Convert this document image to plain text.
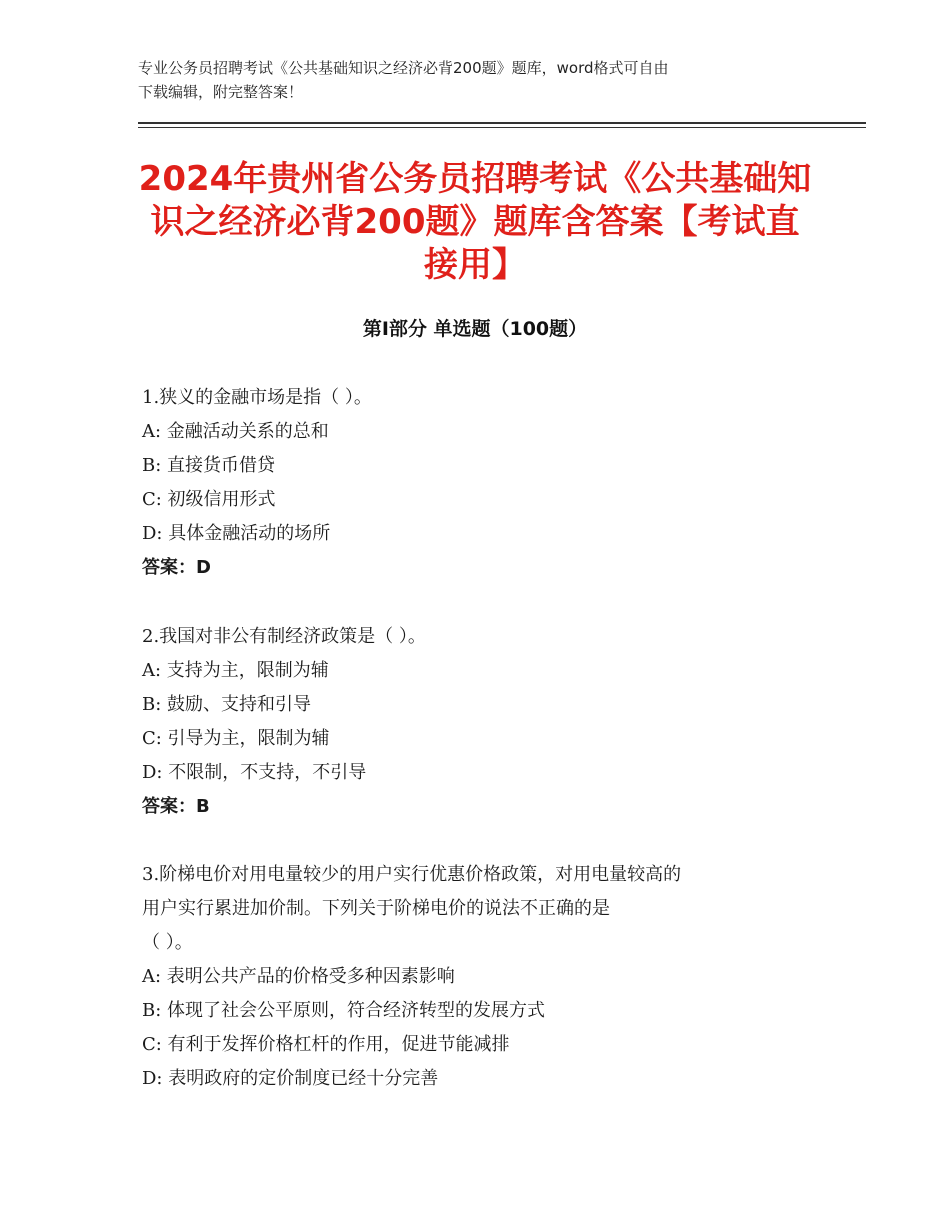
专业公务员招聘考试《公共基础知识之经济必背200题》题库，word格式可自由
下载编辑，附完整答案！
2024年贵州省公务员招聘考试《公共基础知
识之经济必背200题》题库含答案【考试直
接用】
第Ⅰ部分 单选题（100题）

1.狭义的金融市场是指（ ）。

A: 金融活动关系的总和

B: 直接货币借贷

C: 初级信用形式

D: 具体金融活动的场所

答案：D

2.我国对非公有制经济政策是（ ）。

A: 支持为主，限制为辅

B: 鼓励、支持和引导

C: 引导为主，限制为辅

D: 不限制，不支持，不引导

答案：B

3.阶梯电价对用电量较少的用户实行优惠价格政策，对用电量较高的

用户实行累进加价制。下列关于阶梯电价的说法不正确的是

（ ）。

A: 表明公共产品的价格受多种因素影响

B: 体现了社会公平原则，符合经济转型的发展方式

C: 有利于发挥价格杠杆的作用，促进节能减排

D: 表明政府的定价制度已经十分完善
